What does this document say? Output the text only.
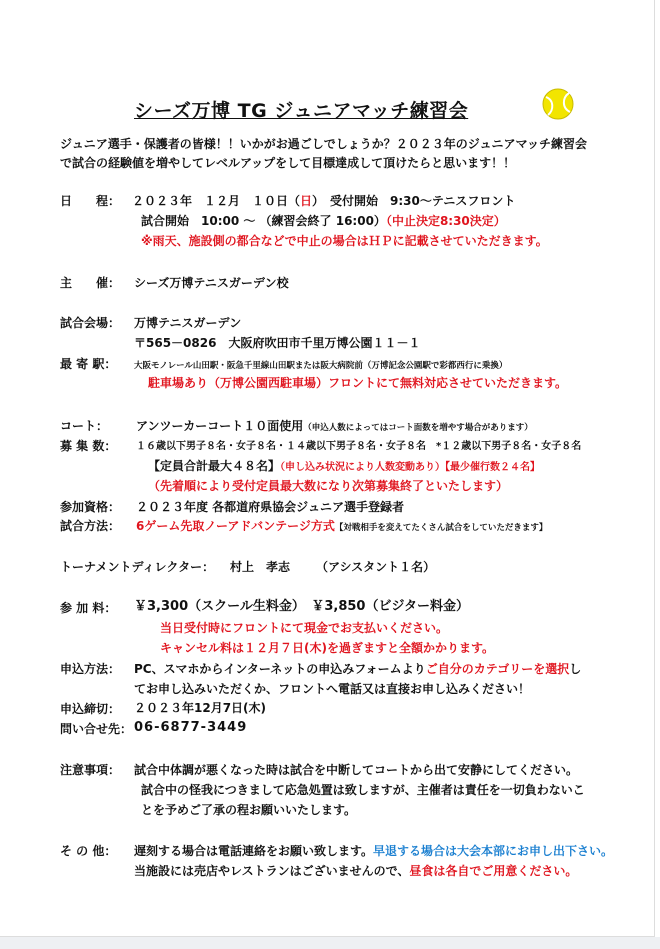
シーズ万博 TG ジュニアマッチ練習会
ジュニア選手・保護者の皆様！！いかがお過ごしでしょうか？２０２３年のジュニアマッチ練習会
で試合の経験値を増やしてレベルアップをして目標達成して頂けたらと思います！！
日　　程： ２０２３年　１２月　１０日（日）　受付開始　9:30～テニスフロント
試合開始　10:00 ～ （練習会終了 16:00）（中止決定8:30決定）
※雨天、施設側の都合などで中止の場合はＨＰに記載させていただきます。
主　　催： シーズ万博テニスガーデン校
試合会場： 万博テニスガーデン
〒565－0826　大阪府吹田市千里万博公園１１－１
最 寄 駅： 大阪モノレール山田駅・阪急千里線山田駅または阪大病院前（万博記念公園駅で彩都西行に乗換）
駐車場あり（万博公園西駐車場）フロントにて無料対応させていただきます。
コート： アンツーカーコート１０面使用（申込人数によってはコート面数を増やす場合があります）
募 集 数： １６歳以下男子８名・女子８名・１４歳以下男子８名・女子８名　*１２歳以下男子８名・女子８名
【定員合計最大４８名】（申し込み状況により人数変動あり）【最少催行数２４名】
（先着順により受付定員最大数になり次第募集終了といたします）
参加資格： ２０２３年度 各都道府県協会ジュニア選手登録者
試合方法： 6ゲーム先取ノーアドバンテージ方式【対戦相手を変えてたくさん試合をしていただきます】
トーナメントディレクター： 村上　孝志 （アシスタント１名）
参 加 料： ￥3,300（スクール生料金）　￥3,850（ビジター料金）
当日受付時にフロントにて現金でお支払いください。
キャンセル料は１２月７日(木)を過ぎますと全額かかります。
申込方法： PC、スマホからインターネットの申込みフォームよりご自分のカテゴリーを選択し
てお申し込みいただくか、フロントへ電話又は直接お申し込みください！
申込締切： ２０２３年12月7日(木)
問い合せ先： 06-6877-3449
注意事項： 試合中体調が悪くなった時は試合を中断してコートから出て安静にしてください。
試合中の怪我につきまして応急処置は致しますが、主催者は責任を一切負わないこ
とを予めご了承の程お願いいたします。
そ の 他： 遅刻する場合は電話連絡をお願い致します。早退する場合は大会本部にお申し出下さい。
当施設には売店やレストランはございませんので、昼食は各自でご用意ください。
